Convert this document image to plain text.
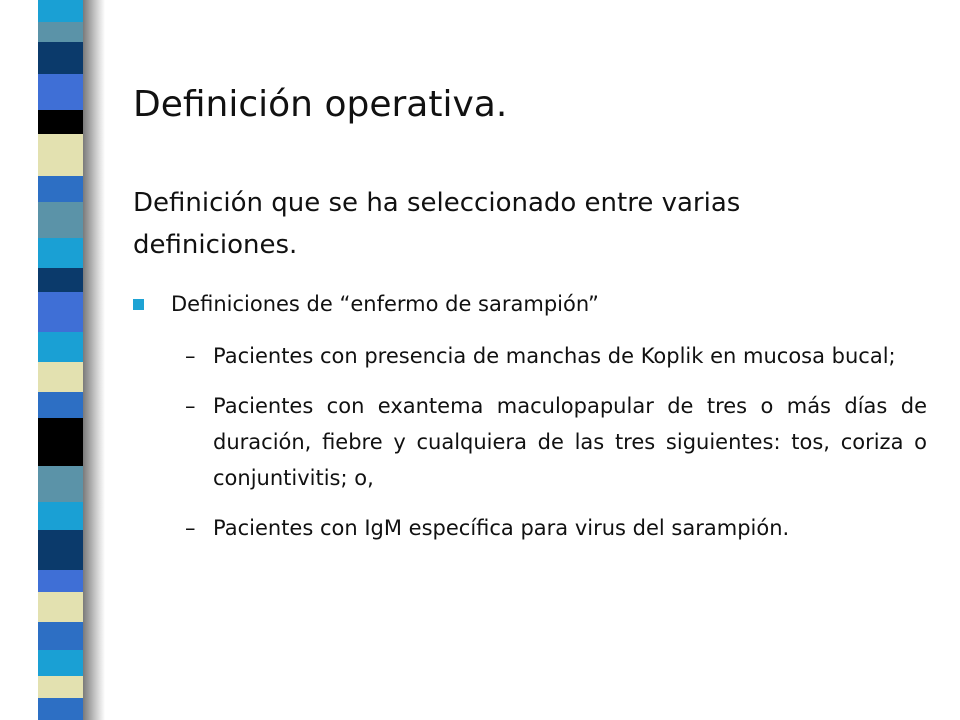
Definición operativa.

Definición que se ha seleccionado entre varias definiciones.

Definiciones de “enfermo de sarampión”
– Pacientes con presencia de manchas de Koplik en mucosa bucal;
– Pacientes con exantema maculopapular de tres o más días de duración, fiebre y cualquiera de las tres siguientes: tos, coriza o conjuntivitis; o,
– Pacientes con IgM específica para virus del sarampión.
